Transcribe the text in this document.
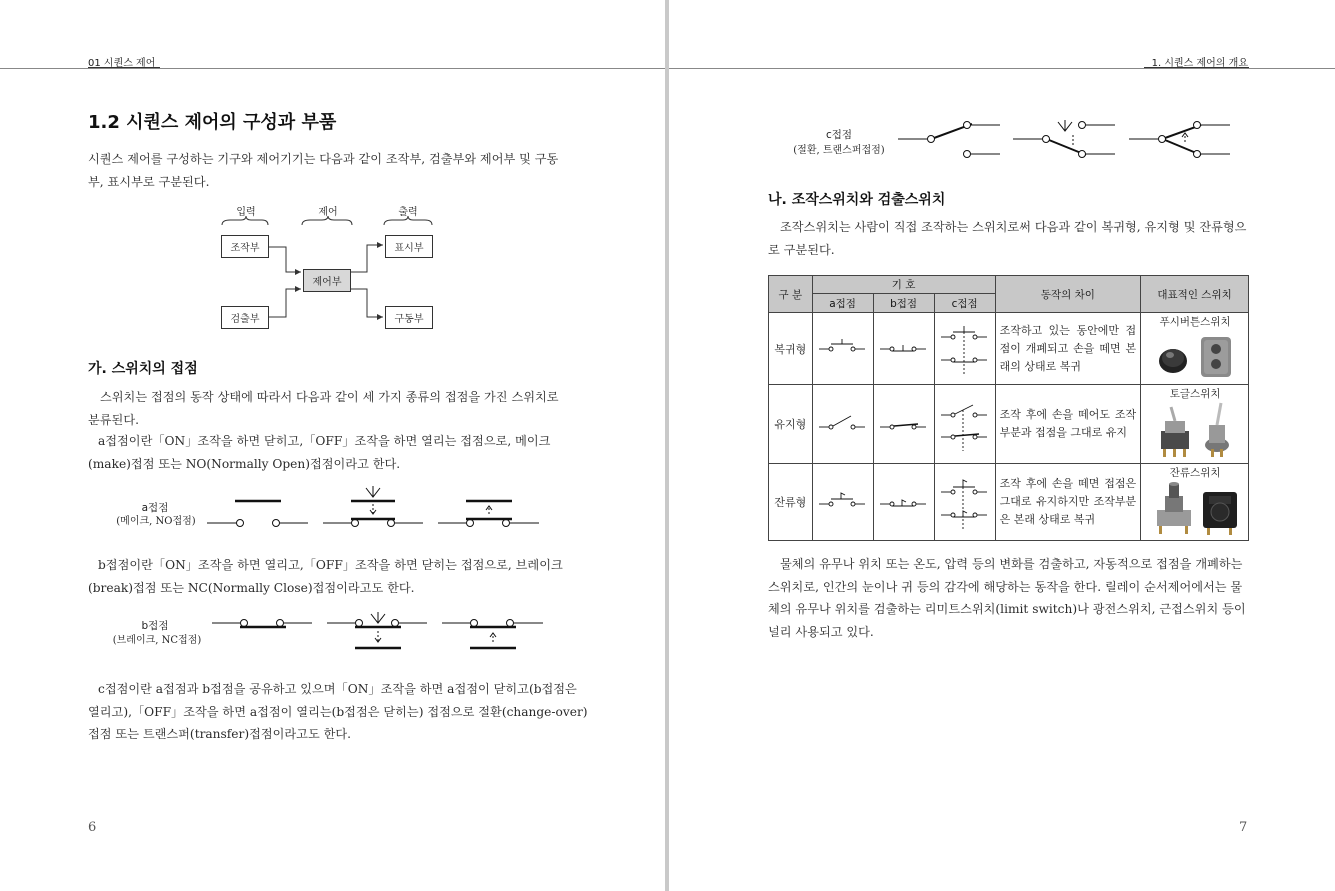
01 시퀀스 제어
1.2 시퀀스 제어의 구성과 부품
시퀀스 제어를 구성하는 기구와 제어기기는 다음과 같이 조작부, 검출부와 제어부 및 구동
부, 표시부로 구분된다.
입력	제어	출력
조작부
검출부
제어부
표시부
구동부
가. 스위치의 접점
스위치는 접점의 동작 상태에 따라서 다음과 같이 세 가지 종류의 접점을 가진 스위치로
분류된다.
a접점이란「ON」조작을 하면 닫히고,「OFF」조작을 하면 열리는 접점으로, 메이크
(make)접점 또는 NO(Normally Open)접점이라고 한다.
a접점
(메이크, NO접점)
b접점이란「ON」조작을 하면 열리고,「OFF」조작을 하면 닫히는 접점으로, 브레이크
(break)접점 또는 NC(Normally Close)접점이라고도 한다.
b접점
(브레이크, NC접점)
c접점이란 a접점과 b접점을 공유하고 있으며「ON」조작을 하면 a접점이 닫히고(b접점은
열리고),「OFF」조작을 하면 a접점이 열리는(b접점은 닫히는) 접점으로 절환(change-over)
접점 또는 트랜스퍼(transfer)접점이라고도 한다.
6
1. 시퀀스 제어의 개요
c접점
(절환, 트랜스퍼접점)
나. 조작스위치와 검출스위치
조작스위치는 사람이 직접 조작하는 스위치로써 다음과 같이 복귀형, 유지형 및 잔류형으
로 구분된다.
구 분	기 호			동작의 차이	대표적인 스위치
	a접점	b접점	c접점		
복귀형				조작하고 있는 동안에만 접점이 개폐되고 손을 떼면 본래의 상태로 복귀	푸시버튼스위치

유지형				조작 후에 손을 떼어도 조작부분과 접점을 그대로 유지	토글스위치

잔류형				조작 후에 손을 떼면 접점은 그대로 유지하지만 조작부분은 본래 상태로 복귀	잔류스위치
물체의 유무나 위치 또는 온도, 압력 등의 변화를 검출하고, 자동적으로 접점을 개폐하는
스위치로, 인간의 눈이나 귀 등의 감각에 해당하는 동작을 한다. 릴레이 순서제어에서는 물
체의 유무나 위치를 검출하는 리미트스위치(limit switch)나 광전스위치, 근접스위치 등이
널리 사용되고 있다.
7
